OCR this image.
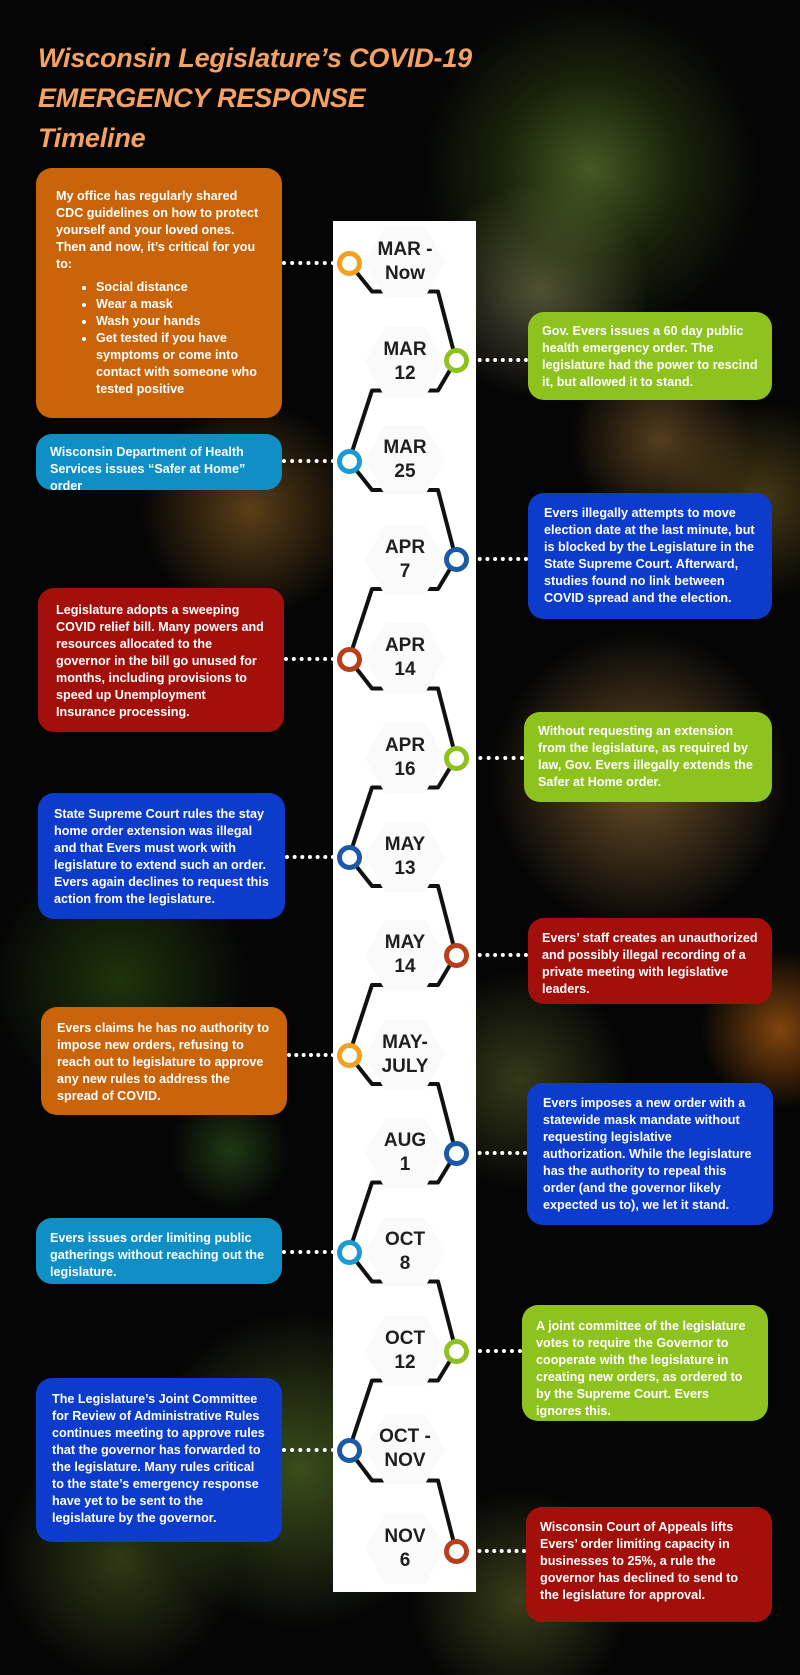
Wisconsin Legislature’s COVID-19
EMERGENCY RESPONSE
Timeline
MAR -
Now

My office has regularly shared CDC guidelines on how to protect yourself and your loved ones. Then and now, it’s critical for you to:

• Social distance
• Wear a mask
• Wash your hands
• Get tested if you have symptoms or come into contact with someone who tested positive
MAR
12

Gov. Evers issues a 60 day public health emergency order. The legislature had the power to rescind it, but allowed it to stand.

MAR
25

Wisconsin Department of Health Services issues “Safer at Home” order

APR
7

Evers illegally attempts to move election date at the last minute, but is blocked by the Legislature in the State Supreme Court. Afterward, studies found no link between COVID spread and the election.

APR
14

Legislature adopts a sweeping COVID relief bill. Many powers and resources allocated to the governor in the bill go unused for months, including provisions to speed up Unemployment Insurance processing.

APR
16

Without requesting an extension from the legislature, as required by law, Gov. Evers illegally extends the Safer at Home order.

MAY
13

State Supreme Court rules the stay home order extension was illegal and that Evers must work with legislature to extend such an order. Evers again declines to request this action from the legislature.

MAY
14

Evers’ staff creates an unauthorized and possibly illegal recording of a private meeting with legislative leaders.

MAY-
JULY

Evers claims he has no authority to impose new orders, refusing to reach out to legislature to approve any new rules to address the spread of COVID.

AUG
1

Evers imposes a new order with a statewide mask mandate without requesting legislative authorization. While the legislature has the authority to repeal this order (and the governor likely expected us to), we let it stand.

OCT
8

Evers issues order limiting public gatherings without reaching out the legislature.

OCT
12

A joint committee of the legislature votes to require the Governor to cooperate with the legislature in creating new orders, as ordered to by the Supreme Court. Evers ignores this.

OCT -
NOV

The Legislature’s Joint Committee for Review of Administrative Rules continues meeting to approve rules that the governor has forwarded to the legislature. Many rules critical to the state’s emergency response have yet to be sent to the legislature by the governor.

NOV
6

Wisconsin Court of Appeals lifts Evers’ order limiting capacity in businesses to 25%, a rule the governor has declined to send to the legislature for approval.
